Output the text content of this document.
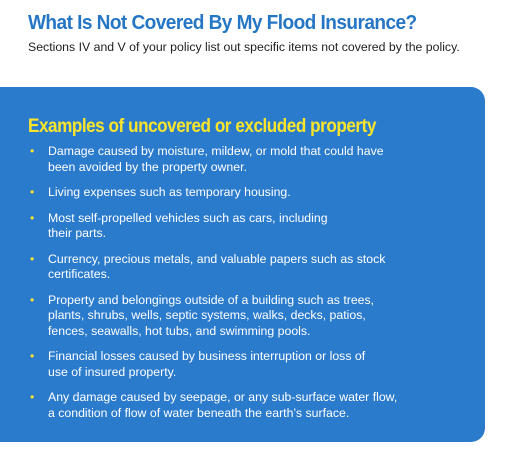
What Is Not Covered By My Flood Insurance?

Sections IV and V of your policy list out specific items not covered by the policy.

Examples of uncovered or excluded property
• Damage caused by moisture, mildew, or mold that could have
been avoided by the property owner.
• Living expenses such as temporary housing.
• Most self-propelled vehicles such as cars, including
their parts.
• Currency, precious metals, and valuable papers such as stock
certificates.
• Property and belongings outside of a building such as trees,
plants, shrubs, wells, septic systems, walks, decks, patios,
fences, seawalls, hot tubs, and swimming pools.
• Financial losses caused by business interruption or loss of
use of insured property.
• Any damage caused by seepage, or any sub-surface water flow,
a condition of flow of water beneath the earth’s surface.
